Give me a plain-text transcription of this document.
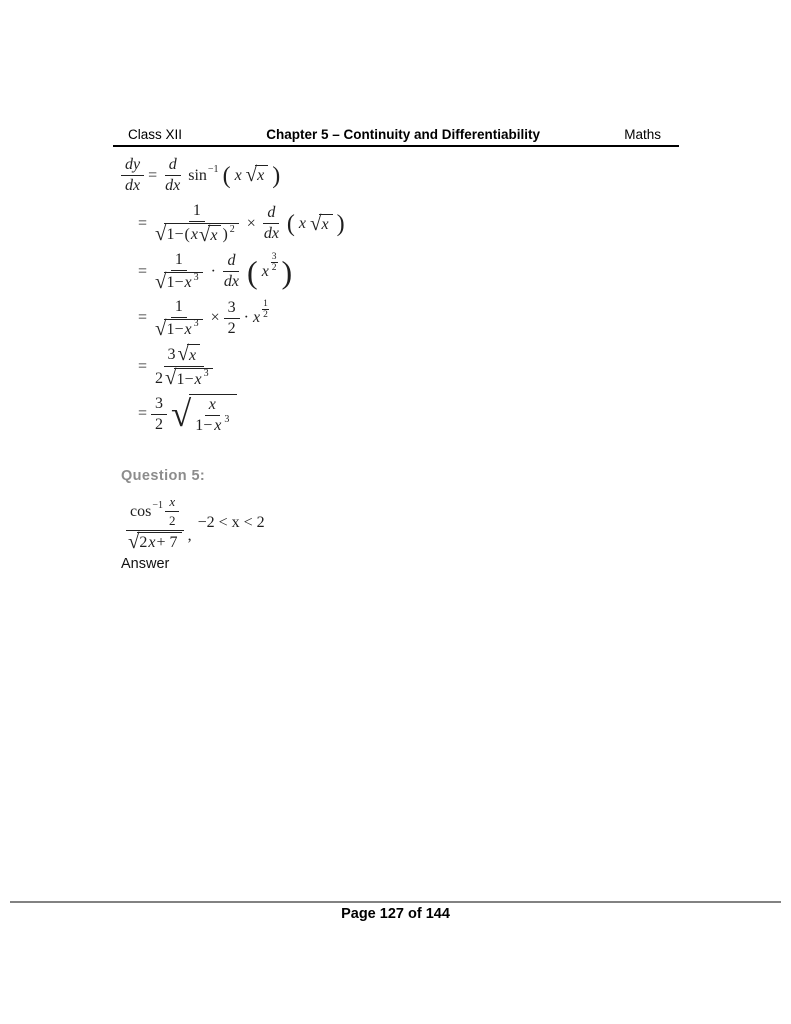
Class XII	Chapter 5 – Continuity and Differentiability	Maths
$\frac{dy}{dx} = \frac{d}{dx} \sin^{-1}$ ( x √ x )
=
1
√ 1− ( x √ x )$^2 \times \frac{d}{dx}$ ( x √ x )
= $\frac{1}{√ 1- x^3} \cdot \frac{d}{dx}$ ( x $\frac{3}{2}$ )
= $\frac{1}{√ 1- x^3} \times \frac{3}{2} \cdot x \frac{1}{2}$
= $\frac{3 √ x}{2 √ 1- x^3}$
= $\frac{3}{2}$ √ $\frac{x}{1- x ^3}$
Question 5:
$\frac{\cos^{-1} \frac{x}{2}}{√ 2 x + 7}$ ,
−2 < x < 2
Answer
Page 127 of 144
